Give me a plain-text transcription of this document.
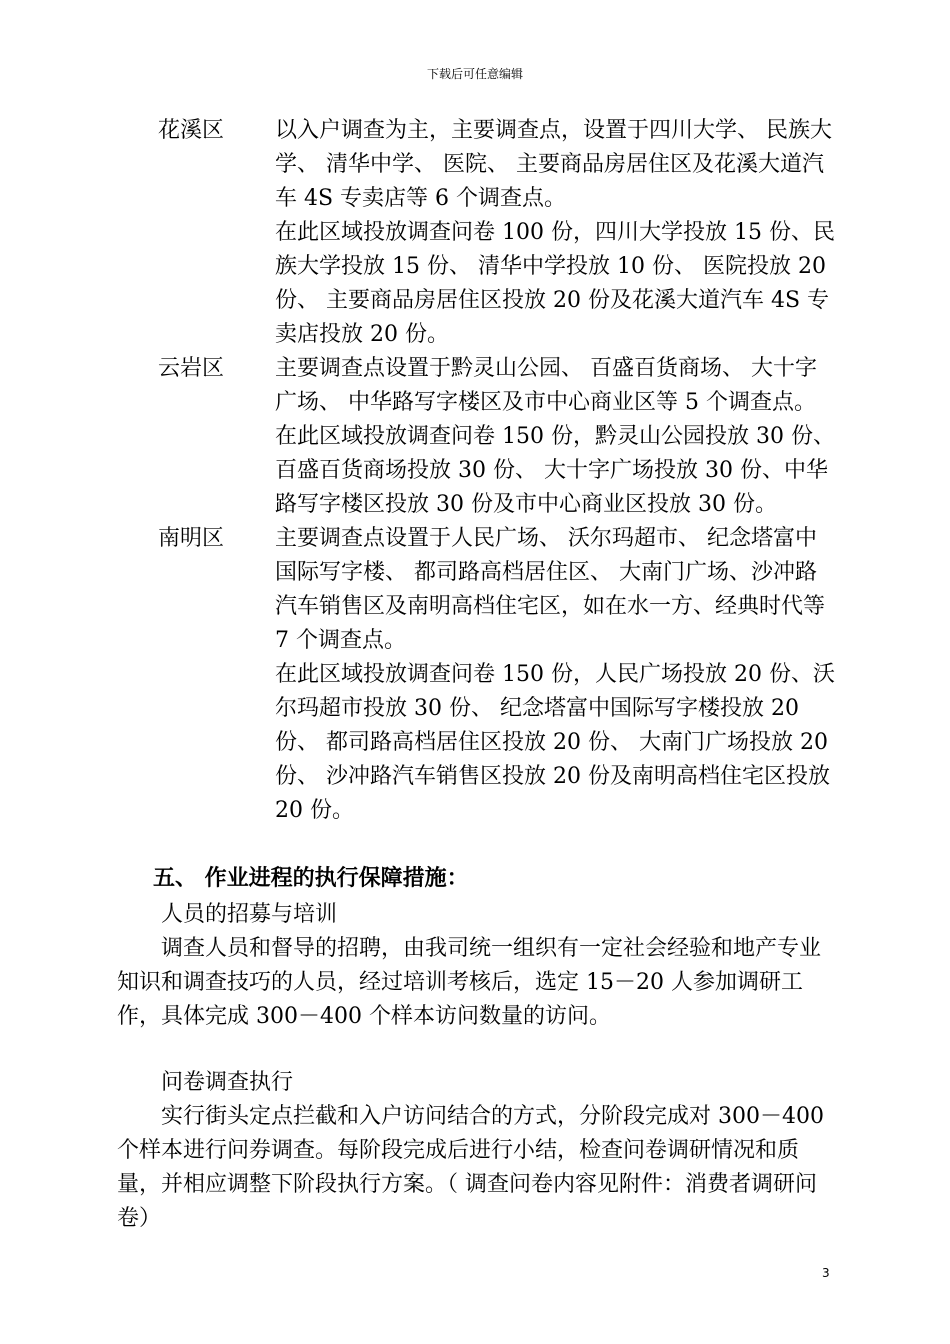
下载后可任意编辑
花溪区	以入户调查为主，主要调查点，设置于四川大学、 民族大学、 清华中学、 医院、 主要商品房居住区及花溪大道汽车 4S 专卖店等 6 个调查点。

在此区域投放调查问卷 100 份，四川大学投放 15 份、民族大学投放 15 份、 清华中学投放 10 份、 医院投放 20 份、 主要商品房居住区投放 20 份及花溪大道汽车 4S 专卖店投放 20 份。

云岩区	主要调查点设置于黔灵山公园、 百盛百货商场、 大十字广场、 中华路写字楼区及市中心商业区等 5 个调查点。

在此区域投放调查问卷 150 份，黔灵山公园投放 30 份、 百盛百货商场投放 30 份、 大十字广场投放 30 份、中华路写字楼区投放 30 份及市中心商业区投放 30 份。

南明区	主要调查点设置于人民广场、 沃尔玛超市、 纪念塔富中国际写字楼、 都司路高档居住区、 大南门广场、沙冲路汽车销售区及南明高档住宅区，如在水一方、经典时代等 7 个调查点。

在此区域投放调查问卷 150 份，人民广场投放 20 份、沃尔玛超市投放 30 份、 纪念塔富中国际写字楼投放 20 份、 都司路高档居住区投放 20 份、 大南门广场投放 20 份、 沙冲路汽车销售区投放 20 份及南明高档住宅区投放 20 份。

五、 作业进程的执行保障措施：

人员的招募与培训

调查人员和督导的招聘，由我司统一组织有一定社会经验和地产专业知识和调查技巧的人员，经过培训考核后，选定 15－20 人参加调研工作，具体完成 300－400 个样本访问数量的访问。

问卷调查执行

实行街头定点拦截和入户访问结合的方式，分阶段完成对 300－400 个样本进行问券调查。每阶段完成后进行小结，检查问卷调研情况和质量，并相应调整下阶段执行方案。（ 调查问卷内容见附件：消费者调研问卷）

3
